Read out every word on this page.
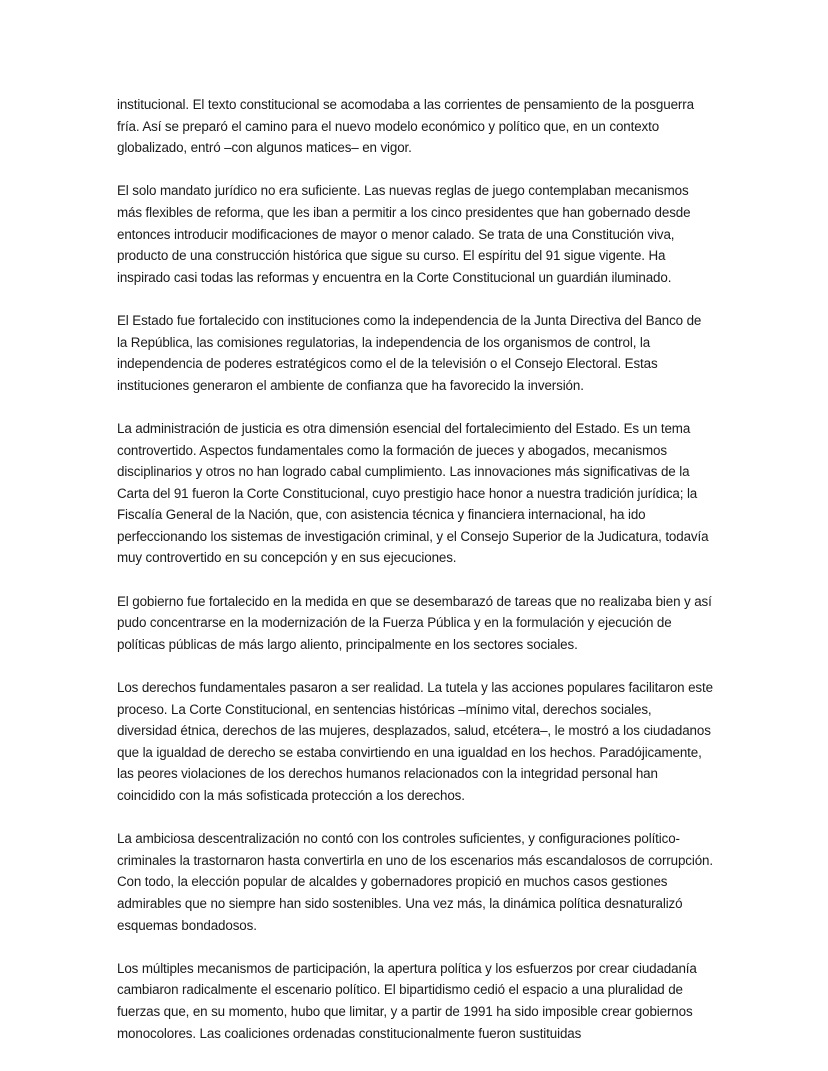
institucional. El texto constitucional se acomodaba a las corrientes de pensamiento de la posguerra fría. Así se preparó el camino para el nuevo modelo económico y político que, en un contexto globalizado, entró –con algunos matices– en vigor.

El solo mandato jurídico no era suficiente. Las nuevas reglas de juego contemplaban mecanismos más flexibles de reforma, que les iban a permitir a los cinco presidentes que han gobernado desde entonces introducir modificaciones de mayor o menor calado. Se trata de una Constitución viva, producto de una construcción histórica que sigue su curso. El espíritu del 91 sigue vigente. Ha inspirado casi todas las reformas y encuentra en la Corte Constitucional un guardián iluminado.

El Estado fue fortalecido con instituciones como la independencia de la Junta Directiva del Banco de la República, las comisiones regulatorias, la independencia de los organismos de control, la independencia de poderes estratégicos como el de la televisión o el Consejo Electoral. Estas instituciones generaron el ambiente de confianza que ha favorecido la inversión.

La administración de justicia es otra dimensión esencial del fortalecimiento del Estado. Es un tema controvertido. Aspectos fundamentales como la formación de jueces y abogados, mecanismos disciplinarios y otros no han logrado cabal cumplimiento. Las innovaciones más significativas de la Carta del 91 fueron la Corte Constitucional, cuyo prestigio hace honor a nuestra tradición jurídica; la Fiscalía General de la Nación, que, con asistencia técnica y financiera internacional, ha ido perfeccionando los sistemas de investigación criminal, y el Consejo Superior de la Judicatura, todavía muy controvertido en su concepción y en sus ejecuciones.

El gobierno fue fortalecido en la medida en que se desembarazó de tareas que no realizaba bien y así pudo concentrarse en la modernización de la Fuerza Pública y en la formulación y ejecución de políticas públicas de más largo aliento, principalmente en los sectores sociales.

Los derechos fundamentales pasaron a ser realidad. La tutela y las acciones populares facilitaron este proceso. La Corte Constitucional, en sentencias históricas –mínimo vital, derechos sociales, diversidad étnica, derechos de las mujeres, desplazados, salud, etcétera–, le mostró a los ciudadanos que la igualdad de derecho se estaba convirtiendo en una igualdad en los hechos. Paradójicamente, las peores violaciones de los derechos humanos relacionados con la integridad personal han coincidido con la más sofisticada protección a los derechos.

La ambiciosa descentralización no contó con los controles suficientes, y configuraciones político-criminales la trastornaron hasta convertirla en uno de los escenarios más escandalosos de corrupción. Con todo, la elección popular de alcaldes y gobernadores propició en muchos casos gestiones admirables que no siempre han sido sostenibles. Una vez más, la dinámica política desnaturalizó esquemas bondadosos.

Los múltiples mecanismos de participación, la apertura política y los esfuerzos por crear ciudadanía cambiaron radicalmente el escenario político. El bipartidismo cedió el espacio a una pluralidad de fuerzas que, en su momento, hubo que limitar, y a partir de 1991 ha sido imposible crear gobiernos monocolores. Las coaliciones ordenadas constitucionalmente fueron sustituidas
